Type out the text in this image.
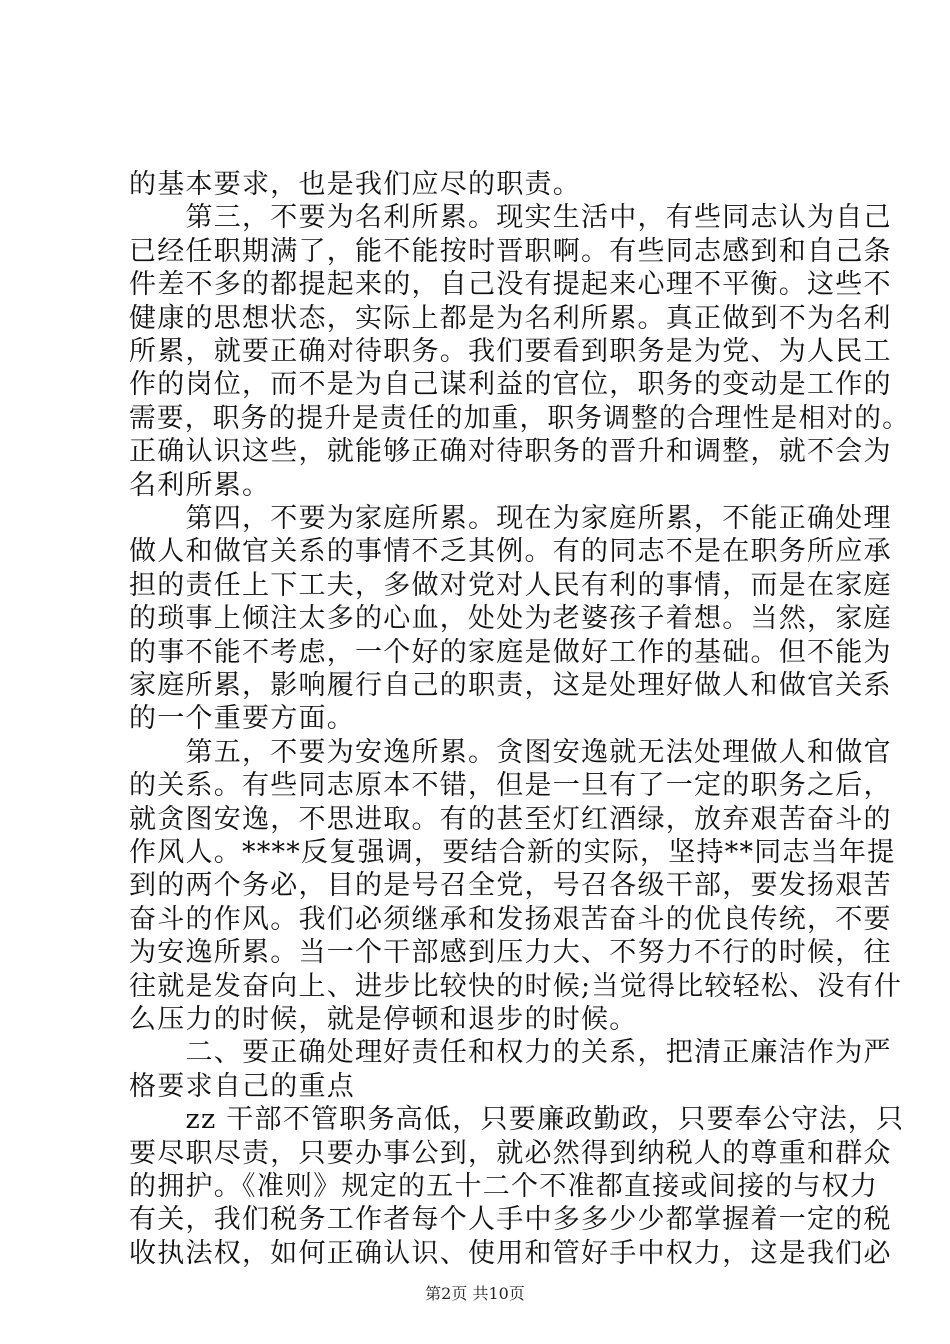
的基本要求，也是我们应尽的职责。
　　第三，不要为名利所累。现实生活中，有些同志认为自己
已经任职期满了，能不能按时晋职啊。有些同志感到和自己条
件差不多的都提起来的，自己没有提起来心理不平衡。这些不
健康的思想状态，实际上都是为名利所累。真正做到不为名利
所累，就要正确对待职务。我们要看到职务是为党、为人民工
作的岗位，而不是为自己谋利益的官位，职务的变动是工作的
需要，职务的提升是责任的加重，职务调整的合理性是相对的。
正确认识这些，就能够正确对待职务的晋升和调整，就不会为
名利所累。
　　第四，不要为家庭所累。现在为家庭所累，不能正确处理
做人和做官关系的事情不乏其例。有的同志不是在职务所应承
担的责任上下工夫，多做对党对人民有利的事情，而是在家庭
的琐事上倾注太多的心血，处处为老婆孩子着想。当然，家庭
的事不能不考虑，一个好的家庭是做好工作的基础。但不能为
家庭所累，影响履行自己的职责，这是处理好做人和做官关系
的一个重要方面。
　　第五，不要为安逸所累。贪图安逸就无法处理做人和做官
的关系。有些同志原本不错，但是一旦有了一定的职务之后，
就贪图安逸，不思进取。有的甚至灯红酒绿，放弃艰苦奋斗的
作风人。****反复强调，要结合新的实际，坚持**同志当年提
到的两个务必，目的是号召全党，号召各级干部，要发扬艰苦
奋斗的作风。我们必须继承和发扬艰苦奋斗的优良传统，不要
为安逸所累。当一个干部感到压力大、不努力不行的时候，往
往就是发奋向上、进步比较快的时候;当觉得比较轻松、没有什
么压力的时候，就是停顿和退步的时候。
　　二、要正确处理好责任和权力的关系，把清正廉洁作为严
格要求自己的重点
　　zz 干部不管职务高低，只要廉政勤政，只要奉公守法，只
要尽职尽责，只要办事公到，就必然得到纳税人的尊重和群众
的拥护。《准则》规定的五十二个不准都直接或间接的与权力
有关，我们税务工作者每个人手中多多少少都掌握着一定的税
收执法权，如何正确认识、使用和管好手中权力，这是我们必
第2页 共10页
